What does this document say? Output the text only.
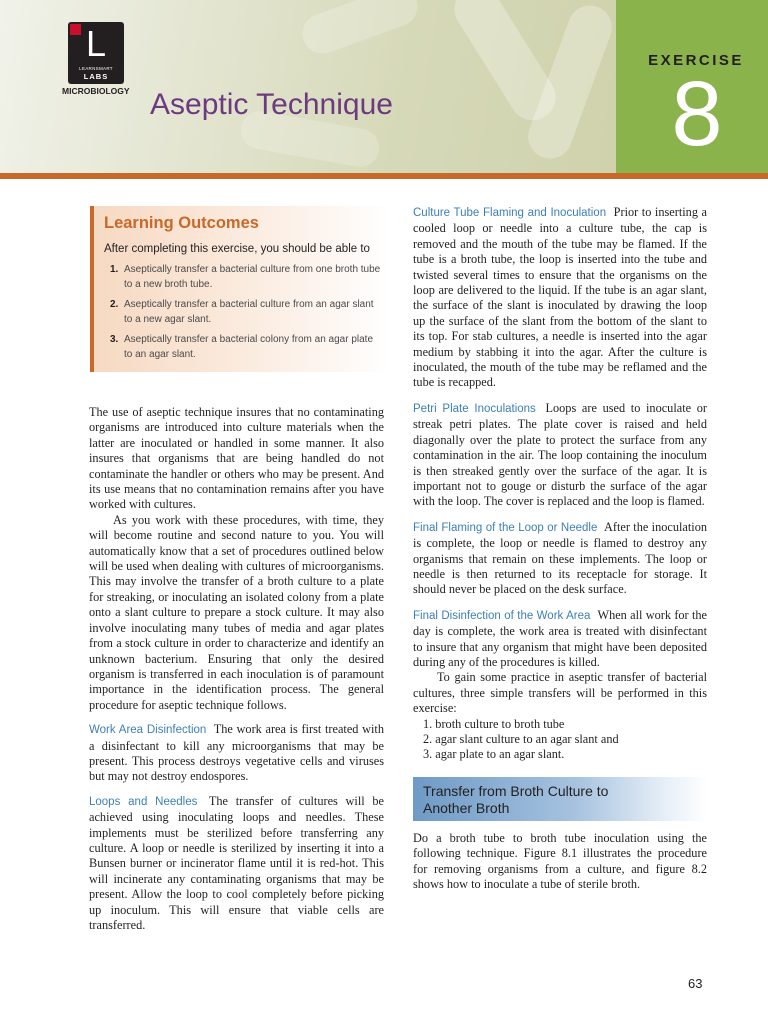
EXERCISE
8
L
LEARNSMART
LABS
MICROBIOLOGY Aseptic Technique
Learning Outcomes
After completing this exercise, you should be able to
1. Aseptically transfer a bacterial culture from one broth tube to a new broth tube.
2. Aseptically transfer a bacterial culture from an agar slant to a new agar slant.
3. Aseptically transfer a bacterial colony from an agar plate to an agar slant.

The use of aseptic technique insures that no contaminating organisms are introduced into culture materials when the latter are inoculated or handled in some manner. It also insures that organisms that are being handled do not contaminate the handler or others who may be present. And its use means that no contamination remains after you have worked with cultures.

As you work with these procedures, with time, they will become routine and second nature to you. You will automatically know that a set of procedures outlined below will be used when dealing with cultures of microorganisms. This may involve the transfer of a broth culture to a plate for streaking, or inoculating an isolated colony from a plate onto a slant culture to prepare a stock culture. It may also involve inoculating many tubes of media and agar plates from a stock culture in order to characterize and identify an unknown bacterium. Ensuring that only the desired organism is transferred in each inoculation is of paramount importance in the identification process. The general procedure for aseptic technique follows.

Work Area Disinfection The work area is first treated with a disinfectant to kill any microorganisms that may be present. This process destroys vegetative cells and viruses but may not destroy endospores.

Loops and Needles The transfer of cultures will be achieved using inoculating loops and needles. These implements must be sterilized before transferring any culture. A loop or needle is sterilized by inserting it into a Bunsen burner or incinerator flame until it is red-hot. This will incinerate any contaminating organisms that may be present. Allow the loop to cool completely before picking up inoculum. This will ensure that viable cells are transferred.

Culture Tube Flaming and Inoculation Prior to inserting a cooled loop or needle into a culture tube, the cap is removed and the mouth of the tube may be flamed. If the tube is a broth tube, the loop is inserted into the tube and twisted several times to ensure that the organisms on the loop are delivered to the liquid. If the tube is an agar slant, the surface of the slant is inoculated by drawing the loop up the surface of the slant from the bottom of the slant to its top. For stab cultures, a needle is inserted into the agar medium by stabbing it into the agar. After the culture is inoculated, the mouth of the tube may be reflamed and the tube is recapped.

Petri Plate Inoculations Loops are used to inoculate or streak petri plates. The plate cover is raised and held diagonally over the plate to protect the surface from any contamination in the air. The loop containing the inoculum is then streaked gently over the surface of the agar. It is important not to gouge or disturb the surface of the agar with the loop. The cover is replaced and the loop is flamed.

Final Flaming of the Loop or Needle After the inoculation is complete, the loop or needle is flamed to destroy any organisms that remain on these implements. The loop or needle is then returned to its receptacle for storage. It should never be placed on the desk surface.

Final Disinfection of the Work Area When all work for the day is complete, the work area is treated with disinfectant to insure that any organism that might have been deposited during any of the procedures is killed.

To gain some practice in aseptic transfer of bacterial cultures, three simple transfers will be performed in this exercise:

1. broth culture to broth tube
2. agar slant culture to an agar slant and
3. agar plate to an agar slant.
Transfer from Broth Culture to
Another Broth

Do a broth tube to broth tube inoculation using the following technique. Figure 8.1 illustrates the procedure for removing organisms from a culture, and figure 8.2 shows how to inoculate a tube of sterile broth.

63
